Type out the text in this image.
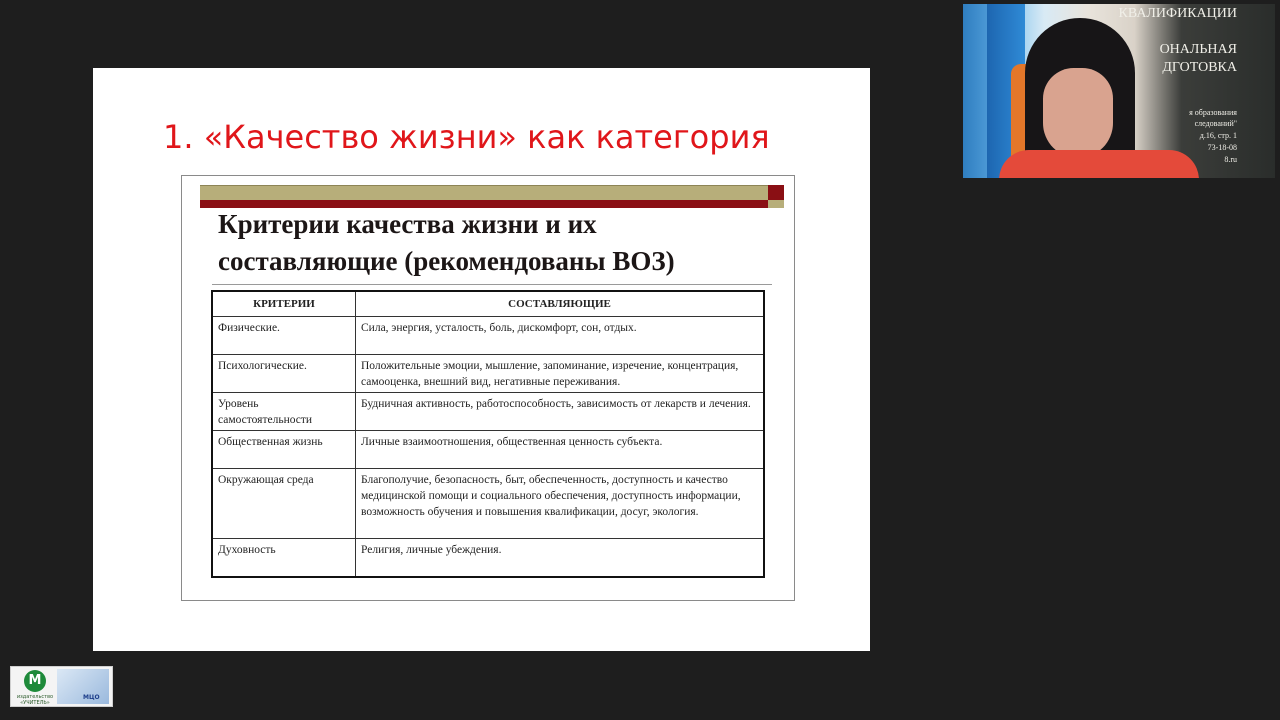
1. «Качество жизни» как категория
Критерии качества жизни и их
составляющие (рекомендованы ВОЗ)
КРИТЕРИИ	СОСТАВЛЯЮЩИЕ
Физические.	Сила, энергия, усталость, боль, дискомфорт, сон, отдых.
Психологические.	Положительные эмоции, мышление, запоминание, изречение, концентрация, самооценка, внешний вид, негативные переживания.
Уровень самостоятельности	Будничная активность, работоспособность, зависимость от лекарств и лечения.
Общественная жизнь	Личные взаимоотношения, общественная ценность субъекта.
Окружающая среда	Благополучие, безопасность, быт, обеспеченность, доступность и качество медицинской помощи и социального обеспечения, доступность информации, возможность обучения и повышения квалификации, досуг, экология.
Духовность	Религия, личные убеждения.
КВАЛИФИКАЦИИ
ОНАЛЬНАЯ
ДГОТОВКА
я образования
следований"
д.16, стр. 1
73-18-08
8.ru
М
издательство
«УЧИТЕЛЬ»
МЦО
